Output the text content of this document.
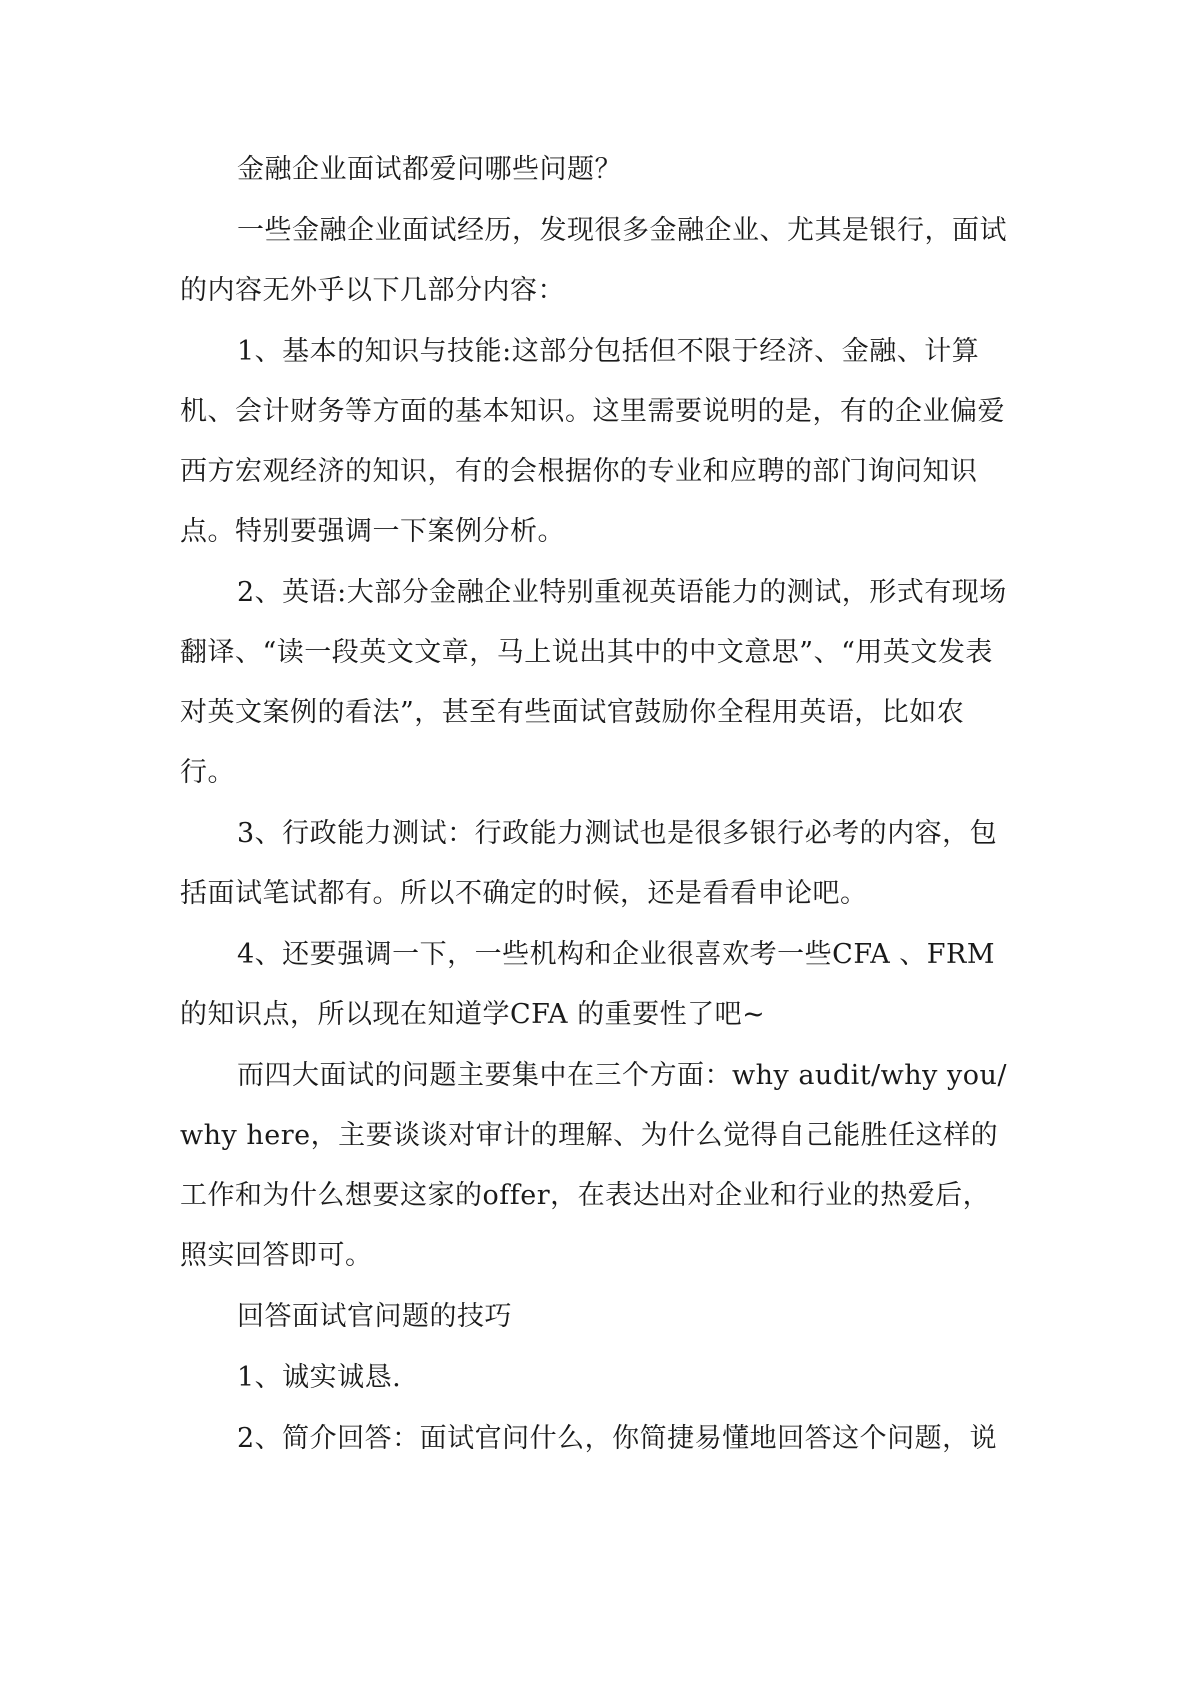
金融企业面试都爱问哪些问题？

一些金融企业面试经历，发现很多金融企业、尤其是银行，面试的内容无外乎以下几部分内容：

1、基本的知识与技能:这部分包括但不限于经济、金融、计算机、会计财务等方面的基本知识。这里需要说明的是，有的企业偏爱西方宏观经济的知识，有的会根据你的专业和应聘的部门询问知识点。特别要强调一下案例分析。

2、英语:大部分金融企业特别重视英语能力的测试，形式有现场翻译、“读一段英文文章，马上说出其中的中文意思”、“用英文发表对英文案例的看法”，甚至有些面试官鼓励你全程用英语，比如农行。

3、行政能力测试：行政能力测试也是很多银行必考的内容，包括面试笔试都有。所以不确定的时候，还是看看申论吧。

4、还要强调一下，一些机构和企业很喜欢考一些CFA 、FRM 的知识点，所以现在知道学CFA 的重要性了吧~

而四大面试的问题主要集中在三个方面：why audit/why you/why here，主要谈谈对审计的理解、为什么觉得自己能胜任这样的工作和为什么想要这家的offer，在表达出对企业和行业的热爱后，照实回答即可。

回答面试官问题的技巧

1、诚实诚恳.

2、简介回答：面试官问什么，你简捷易懂地回答这个问题，说
